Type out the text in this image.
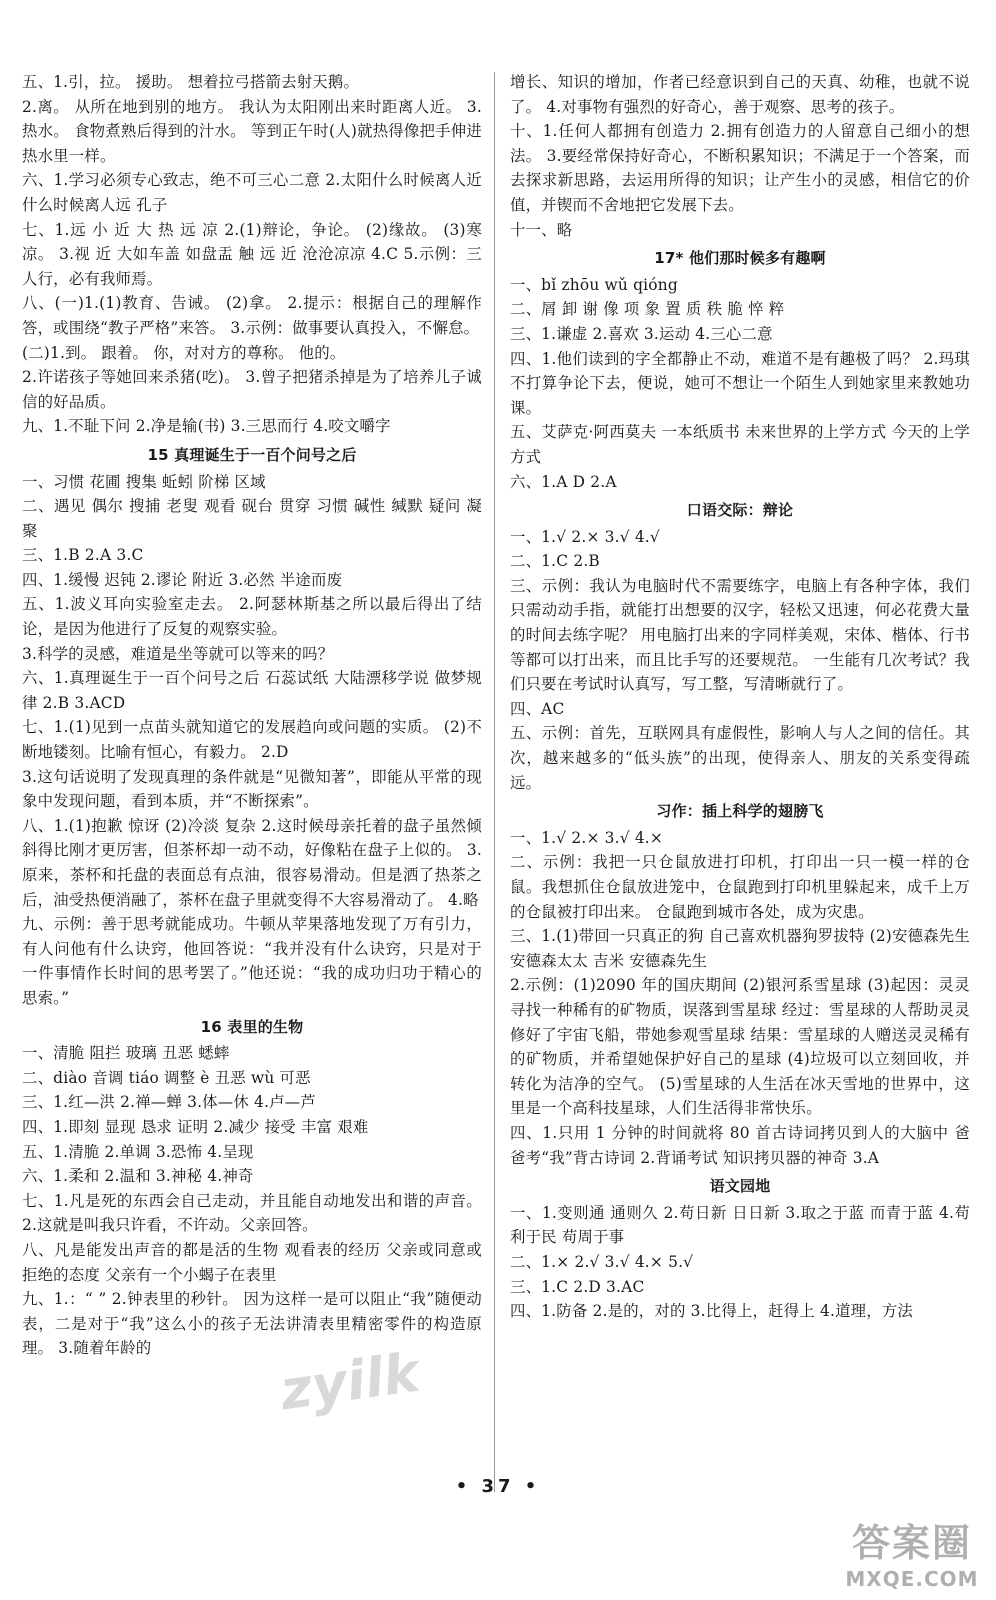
五、1.引，拉。 援助。 想着拉弓搭箭去射天鹅。
2.离。 从所在地到别的地方。 我认为太阳刚出来时距离人近。 3.热水。 食物煮熟后得到的汁水。 等到正午时(人)就热得像把手伸进热水里一样。
六、1.学习必须专心致志，绝不可三心二意 2.太阳什么时候离人近 什么时候离人远 孔子
七、1.远 小 近 大 热 远 凉 2.(1)辩论，争论。 (2)缘故。 (3)寒凉。 3.视 近 大如车盖 如盘盂 触 远 近 沧沧凉凉 4.C 5.示例：三人行，必有我师焉。
八、(一)1.(1)教育、告诫。 (2)拿。 2.提示：根据自己的理解作答，或围绕“教子严格”来答。 3.示例：做事要认真投入，不懈怠。
(二)1.到。 跟着。 你，对对方的尊称。 他的。
2.许诺孩子等她回来杀猪(吃)。 3.曾子把猪杀掉是为了培养儿子诚信的好品质。
九、1.不耻下问 2.净是输(书) 3.三思而行 4.咬文嚼字
15 真理诞生于一百个问号之后
一、习惯 花圃 搜集 蚯蚓 阶梯 区域
二、遇见 偶尔 搜捕 老叟 观看 砚台 贯穿 习惯 碱性 缄默 疑问 凝聚
三、1.B 2.A 3.C
四、1.缓慢 迟钝 2.谬论 附近 3.必然 半途而废
五、1.波义耳向实验室走去。 2.阿瑟林斯基之所以最后得出了结论，是因为他进行了反复的观察实验。
3.科学的灵感，难道是坐等就可以等来的吗？
六、1.真理诞生于一百个问号之后 石蕊试纸 大陆漂移学说 做梦规律 2.B 3.ACD
七、1.(1)见到一点苗头就知道它的发展趋向或问题的实质。 (2)不断地镂刻。比喻有恒心，有毅力。 2.D
3.这句话说明了发现真理的条件就是“见微知著”，即能从平常的现象中发现问题，看到本质，并“不断探索”。
八、1.(1)抱歉 惊讶 (2)冷淡 复杂 2.这时候母亲托着的盘子虽然倾斜得比刚才更厉害，但茶杯却一动不动，好像粘在盘子上似的。 3.原来，茶杯和托盘的表面总有点油，很容易滑动。但是洒了热茶之后，油受热便消融了，茶杯在盘子里就变得不大容易滑动了。 4.略
九、示例：善于思考就能成功。牛顿从苹果落地发现了万有引力，有人问他有什么诀窍，他回答说：“我并没有什么诀窍，只是对于一件事情作长时间的思考罢了。”他还说：“我的成功归功于精心的思索。”
16 表里的生物
一、清脆 阻拦 玻璃 丑恶 蟋蟀
二、diào 音调 tiáo 调整 è 丑恶 wù 可恶
三、1.红—洪 2.禅—蝉 3.体—休 4.卢—芦
四、1.即刻 显现 恳求 证明 2.减少 接受 丰富 艰难
五、1.清脆 2.单调 3.恐怖 4.呈现
六、1.柔和 2.温和 3.神秘 4.神奇
七、1.凡是死的东西会自己走动，并且能自动地发出和谐的声音。 2.这就是叫我只许看，不许动。父亲回答。
八、凡是能发出声音的都是活的生物 观看表的经历 父亲或同意或拒绝的态度 父亲有一个小蝎子在表里
九、1.：“ ” 2.钟表里的秒针。 因为这样一是可以阻止“我”随便动表，二是对于“我”这么小的孩子无法讲清表里精密零件的构造原理。 3.随着年龄的
增长、知识的增加，作者已经意识到自己的天真、幼稚，也就不说了。 4.对事物有强烈的好奇心，善于观察、思考的孩子。
十、1.任何人都拥有创造力 2.拥有创造力的人留意自己细小的想法。 3.要经常保持好奇心，不断积累知识；不满足于一个答案，而去探求新思路，去运用所得的知识；让产生小的灵感，相信它的价值，并锲而不舍地把它发展下去。
十一、略
17* 他们那时候多有趣啊
一、bǐ zhōu wǔ qióng
二、屑 卸 谢 像 项 象 置 质 秩 脆 悴 粹
三、1.谦虚 2.喜欢 3.运动 4.三心二意
四、1.他们读到的字全都静止不动，难道不是有趣极了吗？ 2.玛琪不打算争论下去，便说，她可不想让一个陌生人到她家里来教她功课。
五、艾萨克·阿西莫夫 一本纸质书 未来世界的上学方式 今天的上学方式
六、1.A D 2.A
口语交际：辩论
一、1.√ 2.× 3.√ 4.√
二、1.C 2.B
三、示例：我认为电脑时代不需要练字，电脑上有各种字体，我们只需动动手指，就能打出想要的汉字，轻松又迅速，何必花费大量的时间去练字呢？ 用电脑打出来的字同样美观，宋体、楷体、行书等都可以打出来，而且比手写的还要规范。 一生能有几次考试？我们只要在考试时认真写，写工整，写清晰就行了。
四、AC
五、示例：首先，互联网具有虚假性，影响人与人之间的信任。其次，越来越多的“低头族”的出现，使得亲人、朋友的关系变得疏远。
习作：插上科学的翅膀飞
一、1.√ 2.× 3.√ 4.×
二、示例：我把一只仓鼠放进打印机，打印出一只一模一样的仓鼠。我想抓住仓鼠放进笼中，仓鼠跑到打印机里躲起来，成千上万的仓鼠被打印出来。 仓鼠跑到城市各处，成为灾患。
三、1.(1)带回一只真正的狗 自己喜欢机器狗罗拔特 (2)安德森先生 安德森太太 吉米 安德森先生
2.示例：(1)2090 年的国庆期间 (2)银河系雪星球 (3)起因：灵灵寻找一种稀有的矿物质，误落到雪星球 经过：雪星球的人帮助灵灵修好了宇宙飞船，带她参观雪星球 结果：雪星球的人赠送灵灵稀有的矿物质，并希望她保护好自己的星球 (4)垃圾可以立刻回收，并转化为洁净的空气。 (5)雪星球的人生活在冰天雪地的世界中，这里是一个高科技星球，人们生活得非常快乐。
四、1.只用 1 分钟的时间就将 80 首古诗词拷贝到人的大脑中 爸爸考“我”背古诗词 2.背诵考试 知识拷贝器的神奇 3.A
语文园地
一、1.变则通 通则久 2.苟日新 日日新 3.取之于蓝 而青于蓝 4.苟利于民 苟周于事
二、1.× 2.√ 3.√ 4.× 5.√
三、1.C 2.D 3.AC
四、1.防备 2.是的，对的 3.比得上，赶得上 4.道理，方法
• 37 •
zyilk
答案圈
MXQE.COM
